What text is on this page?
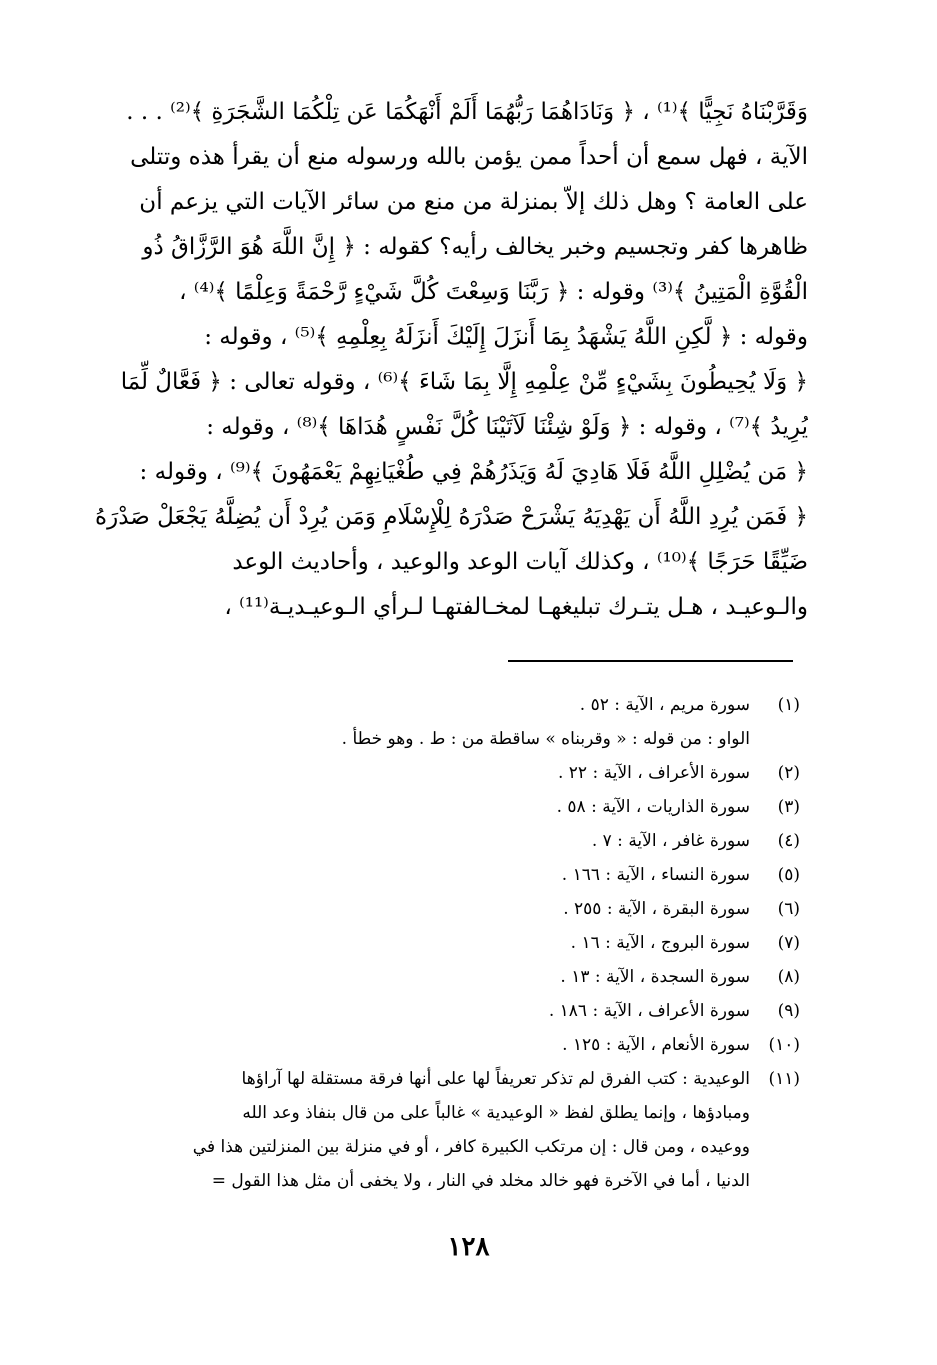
وَقَرَّبْنَاهُ نَجِيًّا ﴾⁽¹⁾ ، ﴿ وَنَادَاهُمَا رَبُّهُمَا أَلَمْ أَنْهَكُمَا عَن تِلْكُمَا الشَّجَرَةِ ﴾⁽²⁾ . . .
الآية ، فهل سمع أن أحداً ممن يؤمن بالله ورسوله منع أن يقرأ هذه وتتلى
على العامة ؟ وهل ذلك إلاّ بمنزلة من منع من سائر الآيات التي يزعم أن
ظاهرها كفر وتجسيم وخبر يخالف رأيه؟ كقوله : ﴿ إِنَّ اللَّهَ هُوَ الرَّزَّاقُ ذُو
الْقُوَّةِ الْمَتِينُ ﴾⁽³⁾ وقوله : ﴿ رَبَّنَا وَسِعْتَ كُلَّ شَيْءٍ رَّحْمَةً وَعِلْمًا ﴾⁽⁴⁾ ،
وقوله : ﴿ لَّكِنِ اللَّهُ يَشْهَدُ بِمَا أَنزَلَ إِلَيْكَ أَنزَلَهُ بِعِلْمِهِ ﴾⁽⁵⁾ ، وقوله :
﴿ وَلَا يُحِيطُونَ بِشَيْءٍ مِّنْ عِلْمِهِ إِلَّا بِمَا شَاءَ ﴾⁽⁶⁾ ، وقوله تعالى : ﴿ فَعَّالٌ لِّمَا
يُرِيدُ ﴾⁽⁷⁾ ، وقوله : ﴿ وَلَوْ شِئْنَا لَآتَيْنَا كُلَّ نَفْسٍ هُدَاهَا ﴾⁽⁸⁾ ، وقوله :
﴿ مَن يُضْلِلِ اللَّهُ فَلَا هَادِيَ لَهُ وَيَذَرُهُمْ فِي طُغْيَانِهِمْ يَعْمَهُونَ ﴾⁽⁹⁾ ، وقوله :
﴿ فَمَن يُرِدِ اللَّهُ أَن يَهْدِيَهُ يَشْرَحْ صَدْرَهُ لِلْإِسْلَامِ وَمَن يُرِدْ أَن يُضِلَّهُ يَجْعَلْ صَدْرَهُ
ضَيِّقًا حَرَجًا ﴾⁽¹⁰⁾ ، وكذلك آيات الوعد والوعيد ، وأحاديث الوعد
والـوعيـد ، هـل يتـرك تبليغهـا لمخـالفتهـا لـرأي الـوعيـديـة⁽¹¹⁾ ،
(١)
سورة مريم ، الآية : ٥٢ .
الواو : من قوله : « وقربناه » ساقطة من : ط . وهو خطأ .
(٢)
سورة الأعراف ، الآية : ٢٢ .
(٣)
سورة الذاريات ، الآية : ٥٨ .
(٤)
سورة غافر ، الآية : ٧ .
(٥)
سورة النساء ، الآية : ١٦٦ .
(٦)
سورة البقرة ، الآية : ٢٥٥ .
(٧)
سورة البروج ، الآية : ١٦ .
(٨)
سورة السجدة ، الآية : ١٣ .
(٩)
سورة الأعراف ، الآية : ١٨٦ .
(١٠)
سورة الأنعام ، الآية : ١٢٥ .
(١١)
الوعيدية : كتب الفرق لم تذكر تعريفاً لها على أنها فرقة مستقلة لها آراؤها
ومبادؤها ، وإنما يطلق لفظ « الوعيدية » غالباً على من قال بنفاذ وعد الله
ووعيده ، ومن قال : إن مرتكب الكبيرة كافر ، أو في منزلة بين المنزلتين هذا في
الدنيا ، أما في الآخرة فهو خالد مخلد في النار ، ولا يخفى أن مثل هذا القول =
١٢٨
